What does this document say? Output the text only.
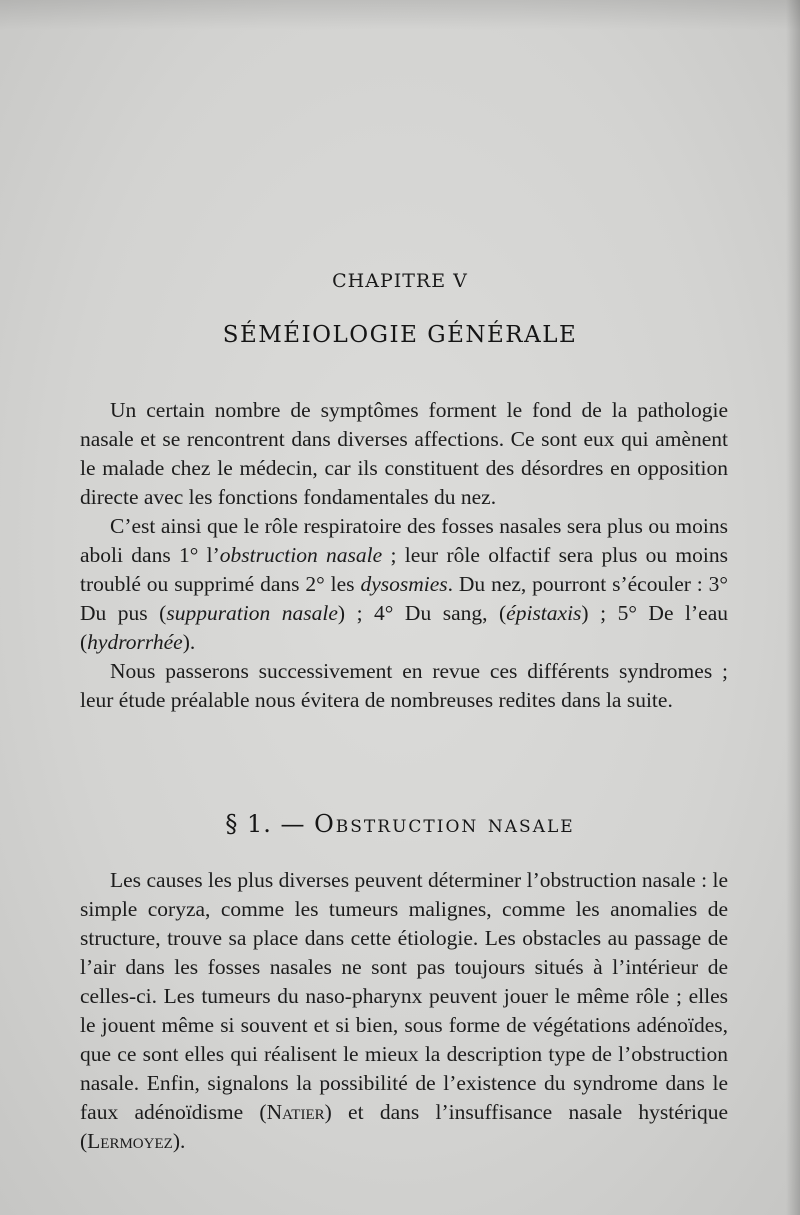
CHAPITRE V
SÉMÉIOLOGIE GÉNÉRALE

Un certain nombre de symptômes forment le fond de la pathologie nasale et se rencontrent dans diverses affections. Ce sont eux qui amènent le malade chez le médecin, car ils constituent des désordres en opposition directe avec les fonctions fondamentales du nez.

C’est ainsi que le rôle respiratoire des fosses nasales sera plus ou moins aboli dans 1° l’obstruction nasale ; leur rôle olfactif sera plus ou moins troublé ou supprimé dans 2° les dysosmies. Du nez, pourront s’écouler : 3° Du pus (suppuration nasale) ; 4° Du sang, (épistaxis) ; 5° De l’eau (hydrorrhée).

Nous passerons successivement en revue ces différents syndromes ; leur étude préalable nous évitera de nombreuses redites dans la suite.

§ 1. — Obstruction nasale

Les causes les plus diverses peuvent déterminer l’obstruction nasale : le simple coryza, comme les tumeurs malignes, comme les anomalies de structure, trouve sa place dans cette étiologie. Les obstacles au passage de l’air dans les fosses nasales ne sont pas toujours situés à l’intérieur de celles-ci. Les tumeurs du naso-pharynx peuvent jouer le même rôle ; elles le jouent même si souvent et si bien, sous forme de végétations adénoïdes, que ce sont elles qui réalisent le mieux la description type de l’obstruction nasale. Enfin, signalons la possibilité de l’existence du syndrome dans le faux adénoïdisme (Natier) et dans l’insuffisance nasale hystérique (Lermoyez).
